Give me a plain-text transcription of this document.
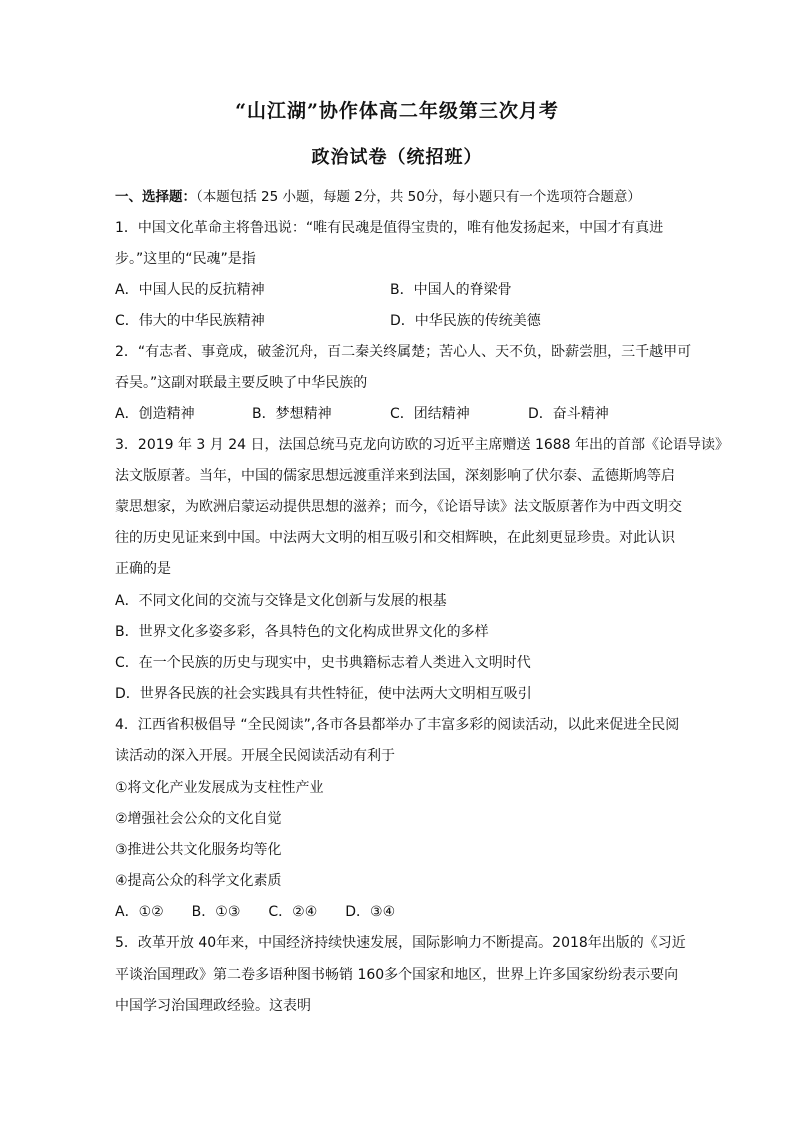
“山江湖”协作体高二年级第三次月考
政治试卷（统招班）
一、选择题：（本题包括 25 小题，每题 2分，共 50分，每小题只有一个选项符合题意）
1．中国文化革命主将鲁迅说：“唯有民魂是值得宝贵的，唯有他发扬起来，中国才有真进
步。”这里的“民魂”是指
A．中国人民的反抗精神	B．中国人的脊梁骨
C．伟大的中华民族精神	D．中华民族的传统美德
2．“有志者、事竟成，破釜沉舟，百二秦关终属楚；苦心人、天不负，卧薪尝胆，三千越甲可
吞吴。”这副对联最主要反映了中华民族的
A．创造精神	B．梦想精神	C．团结精神	D．奋斗精神
3．2019 年 3 月 24 日，法国总统马克龙向访欧的习近平主席赠送 1688 年出的首部《论语导读》
法文版原著。当年，中国的儒家思想远渡重洋来到法国，深刻影响了伏尔泰、孟德斯鸠等启
蒙思想家，为欧洲启蒙运动提供思想的滋养；而今，《论语导读》法文版原著作为中西文明交
往的历史见证来到中国。中法两大文明的相互吸引和交相辉映，在此刻更显珍贵。对此认识
正确的是
A．不同文化间的交流与交锋是文化创新与发展的根基
B．世界文化多姿多彩，各具特色的文化构成世界文化的多样
C．在一个民族的历史与现实中，史书典籍标志着人类进入文明时代
D．世界各民族的社会实践具有共性特征，使中法两大文明相互吸引
4．江西省积极倡导 “全民阅读”,各市各县都举办了丰富多彩的阅读活动，以此来促进全民阅
读活动的深入开展。开展全民阅读活动有利于
①将文化产业发展成为支柱性产业
②增强社会公众的文化自觉
③推进公共文化服务均等化
④提高公众的科学文化素质
A．①②　　B．①③　　C．②④　　D．③④
5．改革开放 40年来，中国经济持续快速发展，国际影响力不断提高。2018年出版的《习近
平谈治国理政》第二卷多语种图书畅销 160多个国家和地区，世界上许多国家纷纷表示要向
中国学习治国理政经验。这表明
